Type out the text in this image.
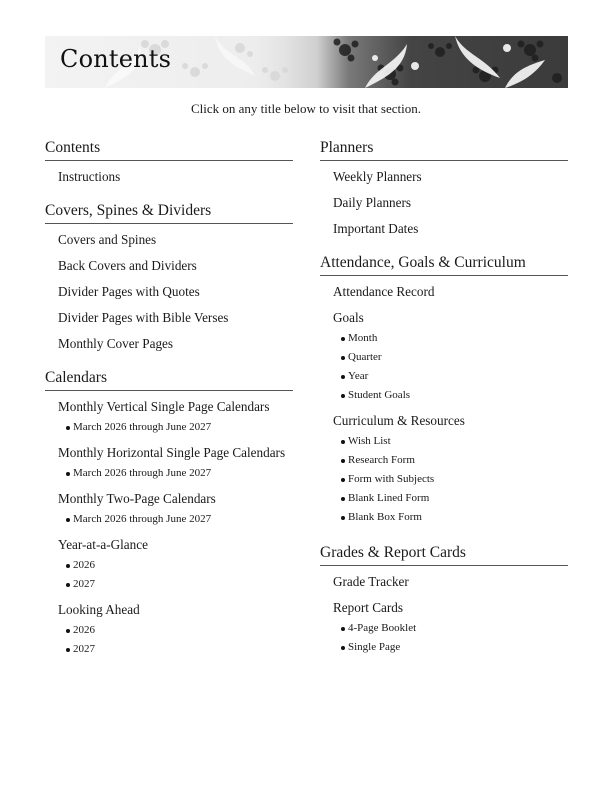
Contents
Click on any title below to visit that section.
Contents
Instructions
Covers, Spines & Dividers
Covers and Spines
Back Covers and Dividers
Divider Pages with Quotes
Divider Pages with Bible Verses
Monthly Cover Pages
Calendars
Monthly Vertical Single Page Calendars
March 2026 through June 2027
Monthly Horizontal Single Page Calendars
March 2026 through June 2027
Monthly Two-Page Calendars
March 2026 through June 2027
Year-at-a-Glance
2026
2027
Looking Ahead
2026
2027
Planners
Weekly Planners
Daily Planners
Important Dates
Attendance, Goals & Curriculum
Attendance Record
Goals
Month
Quarter
Year
Student Goals
Curriculum & Resources
Wish List
Research Form
Form with Subjects
Blank Lined Form
Blank Box Form
Grades & Report Cards
Grade Tracker
Report Cards
4-Page Booklet
Single Page
